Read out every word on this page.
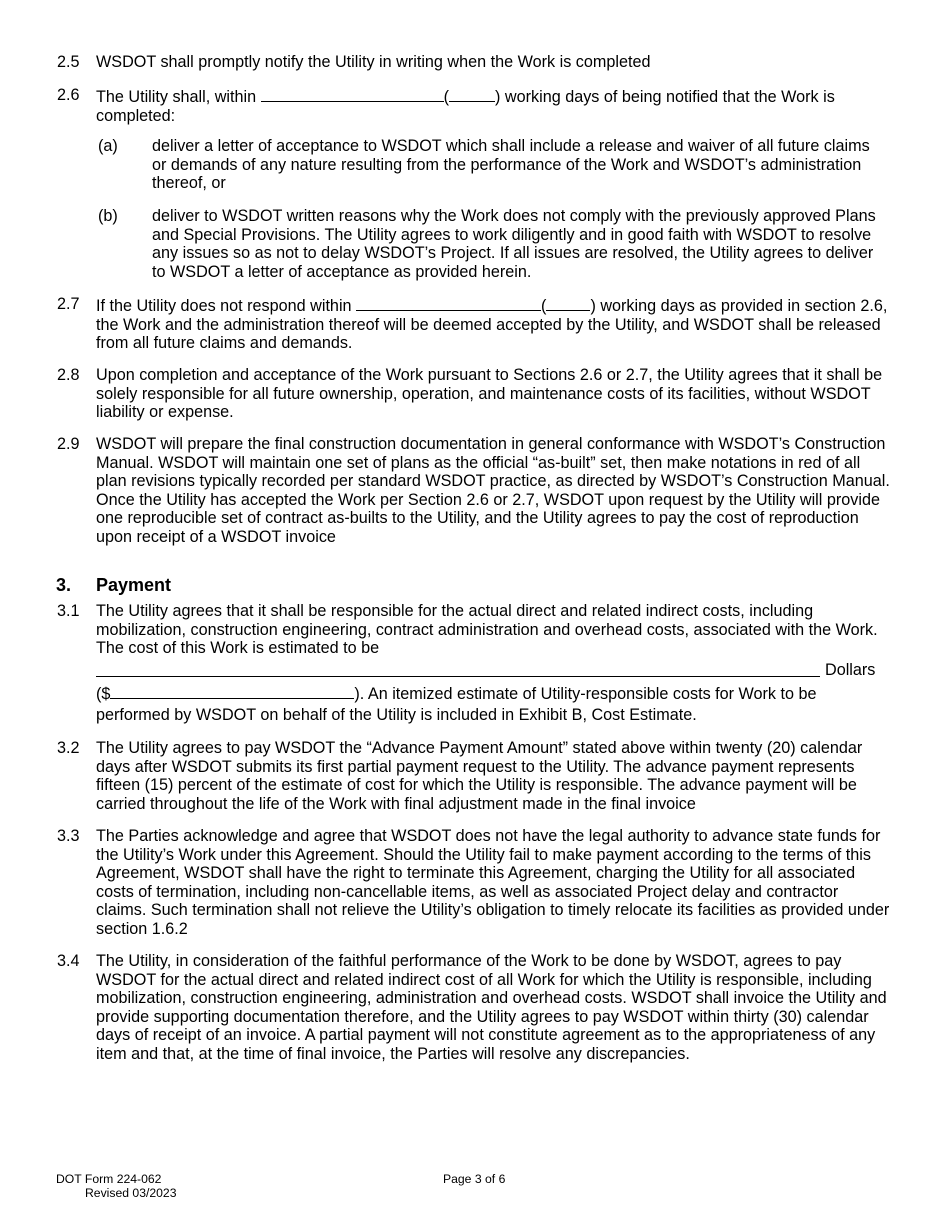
2.5 WSDOT shall promptly notify the Utility in writing when the Work is completed
2.6 The Utility shall, within	(	) working days of being notified that the Work is completed:
(a) deliver a letter of acceptance to WSDOT which shall include a release and waiver of all future claims or demands of any nature resulting from the performance of the Work and WSDOT’s administration thereof, or
(b) deliver to WSDOT written reasons why the Work does not comply with the previously approved Plans and Special Provisions. The Utility agrees to work diligently and in good faith with WSDOT to resolve any issues so as not to delay WSDOT’s Project. If all issues are resolved, the Utility agrees to deliver to WSDOT a letter of acceptance as provided herein.
2.7 If the Utility does not respond within	(	) working days as provided in section 2.6, the Work and the administration thereof will be deemed accepted by the Utility, and WSDOT shall be released from all future claims and demands.
2.8 Upon completion and acceptance of the Work pursuant to Sections 2.6 or 2.7, the Utility agrees that it shall be solely responsible for all future ownership, operation, and maintenance costs of its facilities, without WSDOT liability or expense.
2.9 WSDOT will prepare the final construction documentation in general conformance with WSDOT’s Construction Manual. WSDOT will maintain one set of plans as the official “as-built” set, then make notations in red of all plan revisions typically recorded per standard WSDOT practice, as directed by WSDOT’s Construction Manual. Once the Utility has accepted the Work per Section 2.6 or 2.7, WSDOT upon request by the Utility will provide one reproducible set of contract as-builts to the Utility, and the Utility agrees to pay the cost of reproduction upon receipt of a WSDOT invoice
3. Payment
3.1 The Utility agrees that it shall be responsible for the actual direct and related indirect costs, including mobilization, construction engineering, contract administration and overhead costs, associated with the Work. The cost of this Work is estimated to be
Dollars
($	). An itemized estimate of Utility-responsible costs for Work to be
performed by WSDOT on behalf of the Utility is included in Exhibit B, Cost Estimate.
3.2 The Utility agrees to pay WSDOT the “Advance Payment Amount” stated above within twenty (20) calendar days after WSDOT submits its first partial payment request to the Utility. The advance payment represents fifteen (15) percent of the estimate of cost for which the Utility is responsible. The advance payment will be carried throughout the life of the Work with final adjustment made in the final invoice
3.3 The Parties acknowledge and agree that WSDOT does not have the legal authority to advance state funds for the Utility’s Work under this Agreement. Should the Utility fail to make payment according to the terms of this Agreement, WSDOT shall have the right to terminate this Agreement, charging the Utility for all associated costs of termination, including non-cancellable items, as well as associated Project delay and contractor claims. Such termination shall not relieve the Utility’s obligation to timely relocate its facilities as provided under section 1.6.2
3.4 The Utility, in consideration of the faithful performance of the Work to be done by WSDOT, agrees to pay WSDOT for the actual direct and related indirect cost of all Work for which the Utility is responsible, including mobilization, construction engineering, administration and overhead costs. WSDOT shall invoice the Utility and provide supporting documentation therefore, and the Utility agrees to pay WSDOT within thirty (30) calendar days of receipt of an invoice. A partial payment will not constitute agreement as to the appropriateness of any item and that, at the time of final invoice, the Parties will resolve any discrepancies.
DOT Form 224-062
Revised 03/2023
Page 3 of 6
